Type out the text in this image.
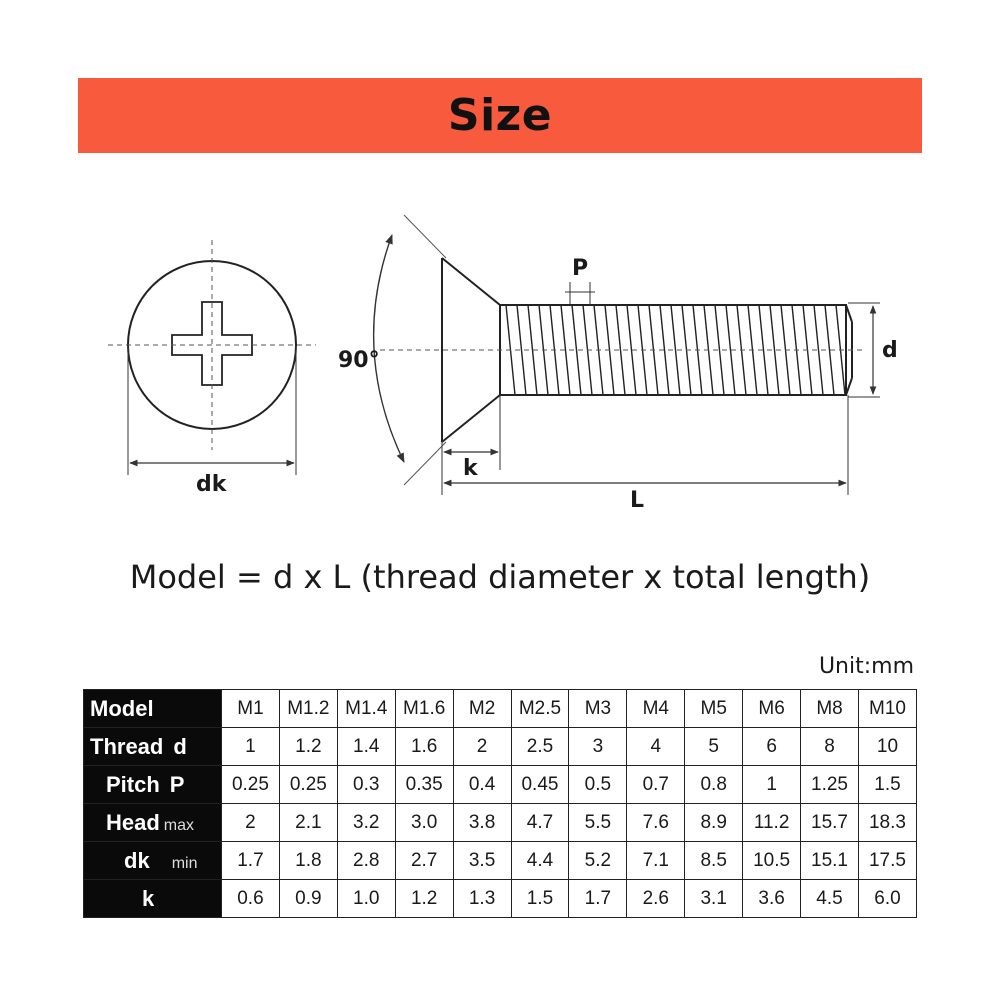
Size
dk
90°
P
d
k
L
Model = d x L (thread diameter x total length)
Unit:mm
Model	M1	M1.2	M1.4	M1.6	M2	M2.5	M3	M4	M5	M6	M8	M10
Thread d	1	1.2	1.4	1.6	2	2.5	3	4	5	6	8	10
Pitch P	0.25	0.25	0.3	0.35	0.4	0.45	0.5	0.7	0.8	1	1.25	1.5
Head max	2	2.1	3.2	3.0	3.8	4.7	5.5	7.6	8.9	11.2	15.7	18.3
dk min	1.7	1.8	2.8	2.7	3.5	4.4	5.2	7.1	8.5	10.5	15.1	17.5
k	0.6	0.9	1.0	1.2	1.3	1.5	1.7	2.6	3.1	3.6	4.5	6.0
